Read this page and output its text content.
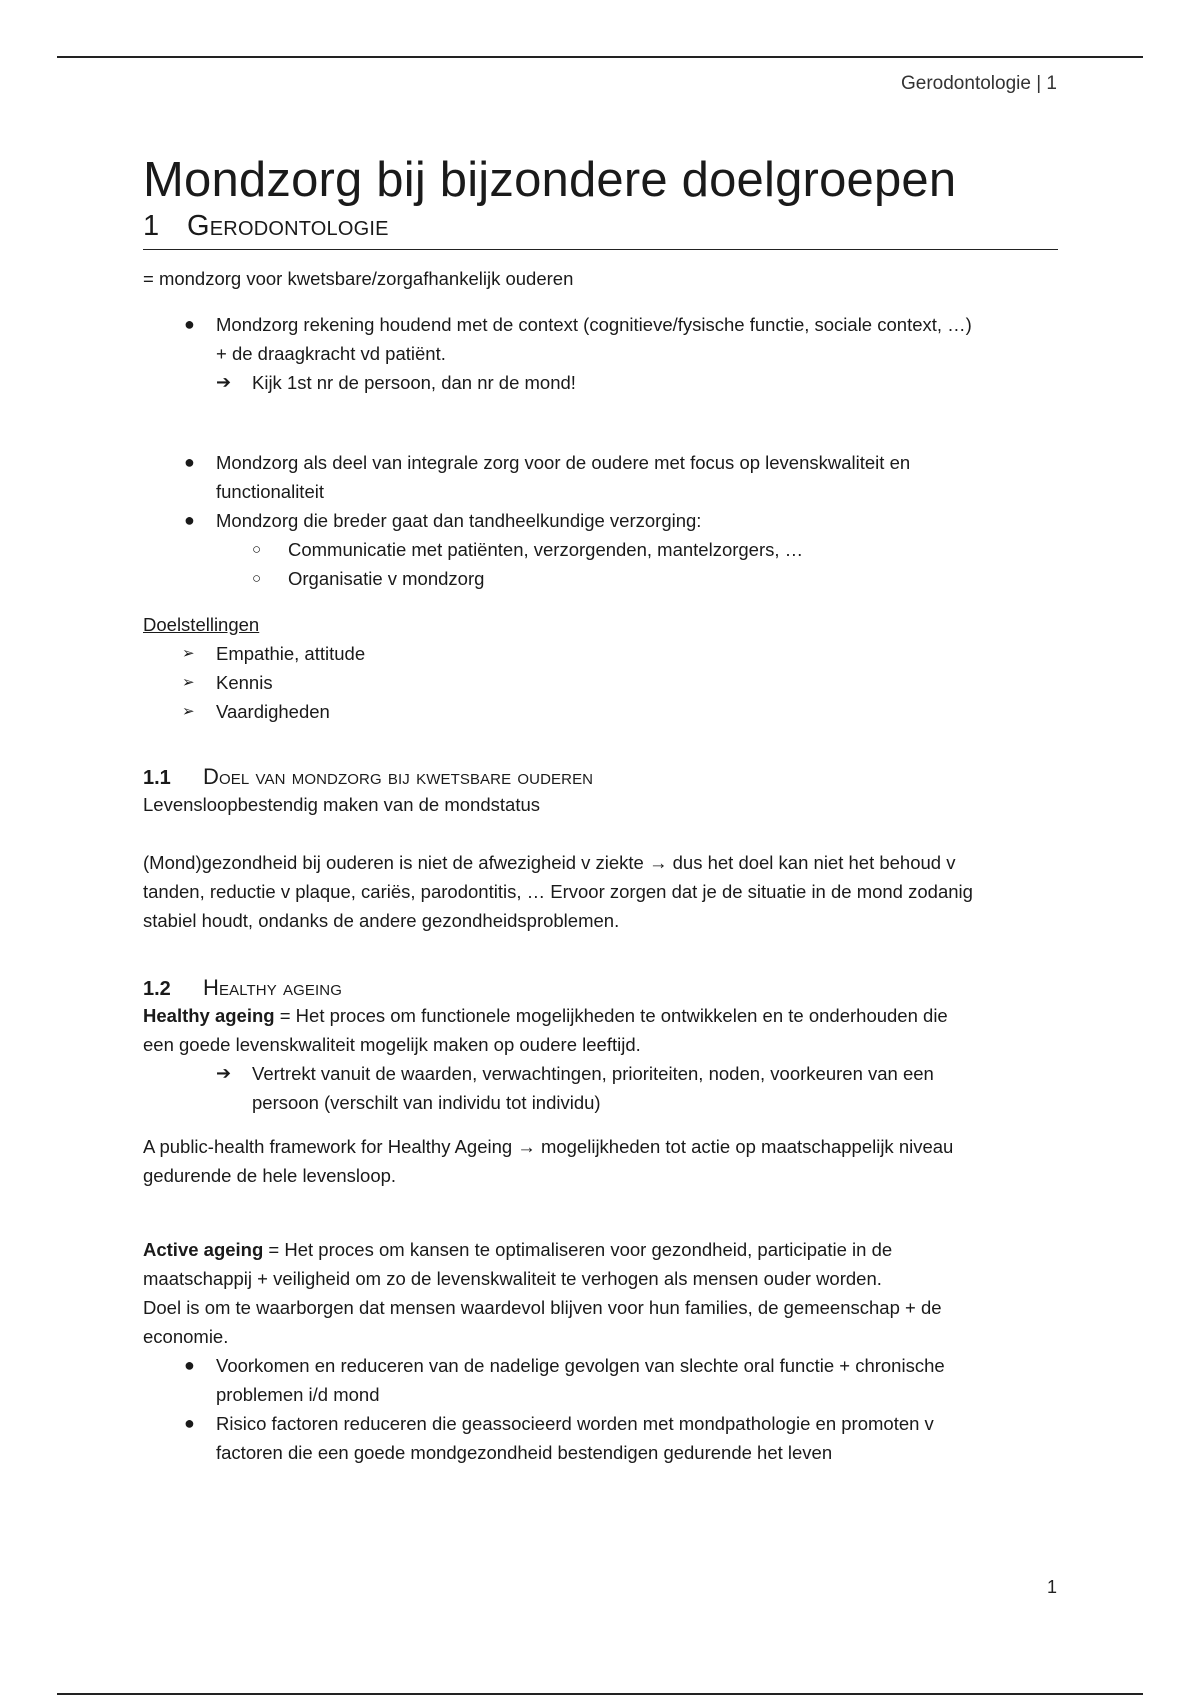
Gerodontologie | 1
Mondzorg bij bijzondere doelgroepen
1 Gerodontologie

= mondzorg voor kwetsbare/zorgafhankelijk ouderen

● Mondzorg rekening houdend met de context (cognitieve/fysische functie, sociale context, …)
+ de draagkracht vd patiënt.
➔ Kijk 1st nr de persoon, dan nr de mond!
● Mondzorg als deel van integrale zorg voor de oudere met focus op levenskwaliteit en
functionaliteit
● Mondzorg die breder gaat dan tandheelkundige verzorging:
○ Communicatie met patiënten, verzorgenden, mantelzorgers, …
○ Organisatie v mondzorg

Doelstellingen

➢ Empathie, attitude
➢ Kennis
➢ Vaardigheden
1.1	Doel van mondzorg bij kwetsbare ouderen

Levensloopbestendig maken van de mondstatus

(Mond)gezondheid bij ouderen is niet de afwezigheid v ziekte → dus het doel kan niet het behoud v

tanden, reductie v plaque, cariës, parodontitis, … Ervoor zorgen dat je de situatie in de mond zodanig

stabiel houdt, ondanks de andere gezondheidsproblemen.

1.2	Healthy ageing

Healthy ageing = Het proces om functionele mogelijkheden te ontwikkelen en te onderhouden die

een goede levenskwaliteit mogelijk maken op oudere leeftijd.

➔ Vertrekt vanuit de waarden, verwachtingen, prioriteiten, noden, voorkeuren van een
persoon (verschilt van individu tot individu)

A public-health framework for Healthy Ageing → mogelijkheden tot actie op maatschappelijk niveau

gedurende de hele levensloop.

Active ageing = Het proces om kansen te optimaliseren voor gezondheid, participatie in de

maatschappij + veiligheid om zo de levenskwaliteit te verhogen als mensen ouder worden.

Doel is om te waarborgen dat mensen waardevol blijven voor hun families, de gemeenschap + de

economie.

● Voorkomen en reduceren van de nadelige gevolgen van slechte oral functie + chronische
problemen i/d mond
● Risico factoren reduceren die geassocieerd worden met mondpathologie en promoten v
factoren die een goede mondgezondheid bestendigen gedurende het leven
1
